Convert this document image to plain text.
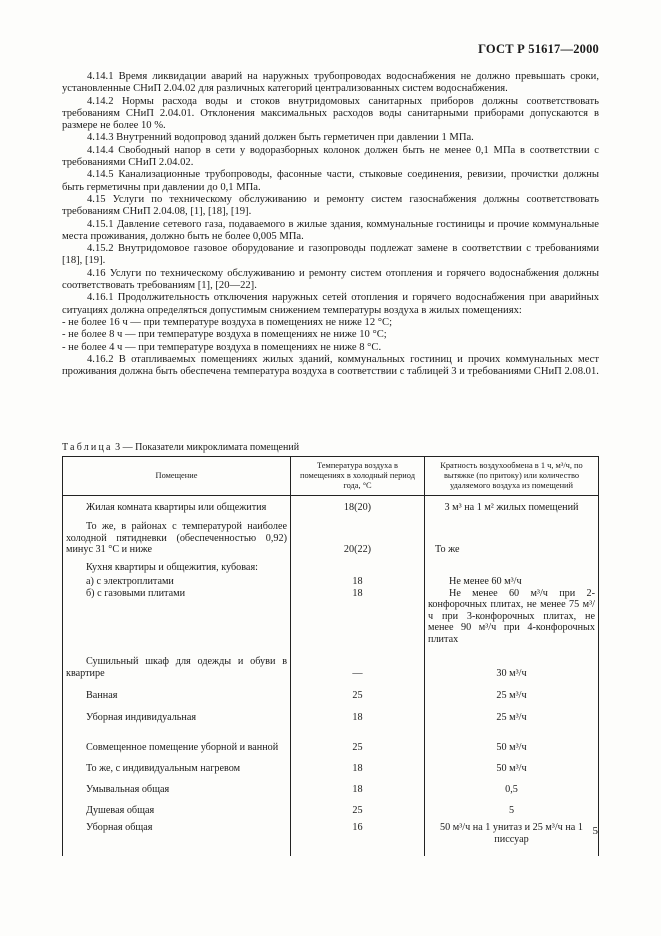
ГОСТ Р 51617—2000

4.14.1 Время ликвидации аварий на наружных трубопроводах водоснабжения не должно превышать сроки, установленные СНиП 2.04.02 для различных категорий централизованных систем водоснабжения.

4.14.2 Нормы расхода воды и стоков внутридомовых санитарных приборов должны соответствовать требованиям СНиП 2.04.01. Отклонения максимальных расходов воды санитарными приборами допускаются в размере не более 10 %.

4.14.3 Внутренний водопровод зданий должен быть герметичен при давлении 1 МПа.

4.14.4 Свободный напор в сети у водоразборных колонок должен быть не менее 0,1 МПа в соответствии с требованиями СНиП 2.04.02.

4.14.5 Канализационные трубопроводы, фасонные части, стыковые соединения, ревизии, прочистки должны быть герметичны при давлении до 0,1 МПа.

4.15 Услуги по техническому обслуживанию и ремонту систем газоснабжения должны соответствовать требованиям СНиП 2.04.08, [1], [18], [19].

4.15.1 Давление сетевого газа, подаваемого в жилые здания, коммунальные гостиницы и прочие коммунальные места проживания, должно быть не более 0,005 МПа.

4.15.2 Внутридомовое газовое оборудование и газопроводы подлежат замене в соответствии с требованиями [18], [19].

4.16 Услуги по техническому обслуживанию и ремонту систем отопления и горячего водоснабжения должны соответствовать требованиям [1], [20—22].

4.16.1 Продолжительность отключения наружных сетей отопления и горячего водоснабжения при аварийных ситуациях должна определяться допустимым снижением температуры воздуха в жилых помещениях:

- не более 16 ч — при температуре воздуха в помещениях не ниже 12 °С;

- не более 8 ч — при температуре воздуха в помещениях не ниже 10 °С;

- не более 4 ч — при температуре воздуха в помещениях не ниже 8 °С.

4.16.2 В отапливаемых помещениях жилых зданий, коммунальных гостиниц и прочих коммунальных мест проживания должна быть обеспечена температура воздуха в соответствии с таблицей 3 и требованиями СНиП 2.08.01.

Таблица 3 — Показатели микроклимата помещений
Помещение	Температура воздуха в помещениях в холодный период года, °С	Кратность воздухообмена в 1 ч, м³/ч, по вытяжке (по притоку) или количество удаляемого воздуха из помещений

Жилая комната квартиры или общежития	18(20)	3 м³ на 1 м² жилых помещений

То же, в районах с температурой наиболее холодной пятидневки (обеспеченностью 0,92) минус 31 °С и ниже	20(22)	То же

Кухня квартиры и общежития, кубовая:		

а) с электроплитами	18	Не менее 60 м³/ч

б) с газовыми плитами	18	Не менее 60 м³/ч при 2-конфорочных плитах, не менее 75 м³/ч при 3-конфорочных плитах, не менее 90 м³/ч при 4-конфорочных плитах

Сушильный шкаф для одежды и обуви в квартире	—	30 м³/ч

Ванная	25	25 м³/ч

Уборная индивидуальная	18	25 м³/ч

Совмещенное помещение уборной и ванной	25	50 м³/ч

То же, с индивидуальным нагревом	18	50 м³/ч

Умывальная общая	18	0,5

Душевая общая	25	5

Уборная общая	16	50 м³/ч на 1 унитаз и 25 м³/ч на 1 писсуар
5
